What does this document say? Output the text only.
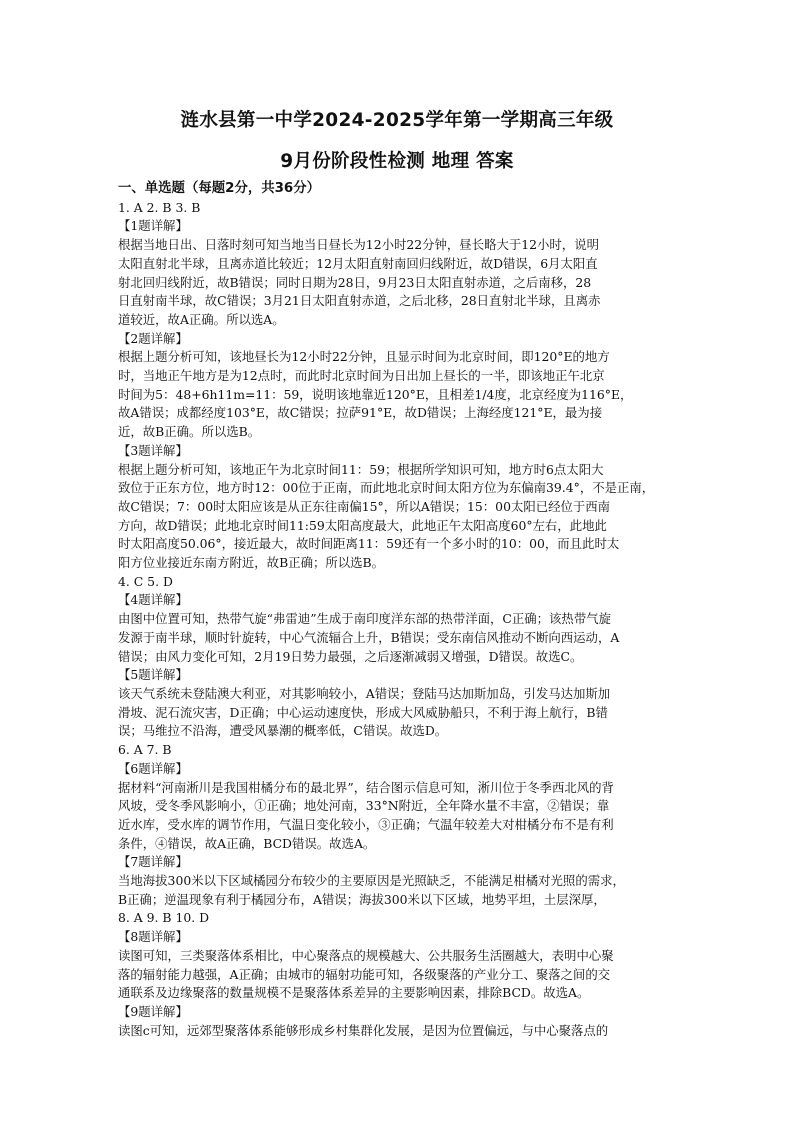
涟水县第一中学2024-2025学年第一学期高三年级
9月份阶段性检测 地理 答案

一、单选题（每题2分，共36分）

1. A 2. B 3. B

【1题详解】

根据当地日出、日落时刻可知当地当日昼长为12小时22分钟，昼长略大于12小时，说明

太阳直射北半球，且离赤道比较近；12月太阳直射南回归线附近，故D错误，6月太阳直

射北回归线附近，故B错误；同时日期为28日，9月23日太阳直射赤道，之后南移，28

日直射南半球，故C错误；3月21日太阳直射赤道，之后北移，28日直射北半球，且离赤

道较近，故A正确。所以选A。

【2题详解】

根据上题分析可知，该地昼长为12小时22分钟，且显示时间为北京时间，即120°E的地方

时，当地正午地方是为12点时，而此时北京时间为日出加上昼长的一半，即该地正午北京

时间为5：48+6h11m=11：59，说明该地靠近120°E，且相差1/4度，北京经度为116°E，

故A错误；成都经度103°E，故C错误；拉萨91°E，故D错误；上海经度121°E，最为接

近，故B正确。所以选B。

【3题详解】

根据上题分析可知，该地正午为北京时间11：59；根据所学知识可知，地方时6点太阳大

致位于正东方位，地方时12：00位于正南，而此地北京时间太阳方位为东偏南39.4°，不是正南，

故C错误；7：00时太阳应该是从正东往南偏15°，所以A错误；15：00太阳已经位于西南

方向，故D错误；此地北京时间11:59太阳高度最大，此地正午太阳高度60°左右，此地此

时太阳高度50.06°，接近最大，故时间距离11：59还有一个多小时的10：00，而且此时太

阳方位业接近东南方附近，故B正确；所以选B。

4. C 5. D

【4题详解】

由图中位置可知，热带气旋“弗雷迪”生成于南印度洋东部的热带洋面，C正确；该热带气旋

发源于南半球，顺时针旋转，中心气流辐合上升，B错误；受东南信风推动不断向西运动，A

错误；由风力变化可知，2月19日势力最强，之后逐渐减弱又增强，D错误。故选C。

【5题详解】

该天气系统未登陆澳大利亚，对其影响较小，A错误；登陆马达加斯加岛，引发马达加斯加

滑坡、泥石流灾害，D正确；中心运动速度快，形成大风威胁船只，不利于海上航行，B错

误；马维拉不沿海，遭受风暴潮的概率低，C错误。故选D。

6. A 7. B

【6题详解】

据材料“河南淅川是我国柑橘分布的最北界”，结合图示信息可知，淅川位于冬季西北风的背

风坡，受冬季风影响小，①正确；地处河南，33°N附近，全年降水量不丰富，②错误；靠

近水库，受水库的调节作用，气温日变化较小，③正确；气温年较差大对柑橘分布不是有利

条件，④错误，故A正确，BCD错误。故选A。

【7题详解】

当地海拔300米以下区域橘园分布较少的主要原因是光照缺乏，不能满足柑橘对光照的需求，

B正确；逆温现象有利于橘园分布，A错误；海拔300米以下区域，地势平坦，土层深厚，

8. A 9. B 10. D

【8题详解】

读图可知，三类聚落体系相比，中心聚落点的规模越大、公共服务生活圈越大，表明中心聚

落的辐射能力越强，A正确；由城市的辐射功能可知，各级聚落的产业分工、聚落之间的交

通联系及边缘聚落的数量规模不是聚落体系差异的主要影响因素，排除BCD。故选A。

【9题详解】

读图c可知，远郊型聚落体系能够形成乡村集群化发展，是因为位置偏远，与中心聚落点的
